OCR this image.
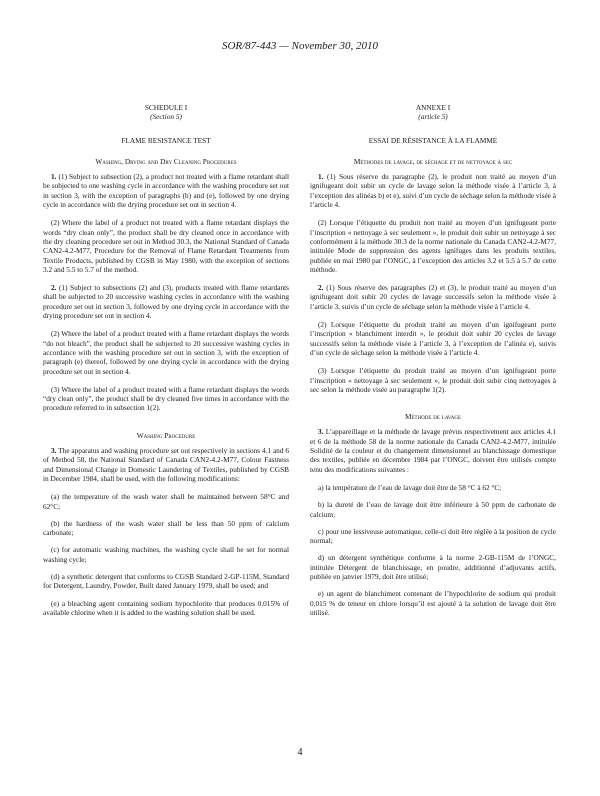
SOR/87-443 — November 30, 2010
SCHEDULE I
(Section 5)
FLAME RESISTANCE TEST
Washing, Drying and Dry Cleaning Procedures

1. (1) Subject to subsection (2), a product not treated with a flame retardant shall be subjected to one washing cycle in accordance with the washing procedure set out in section 3, with the exception of paragraphs (b) and (e), followed by one drying cycle in accordance with the drying procedure set out in section 4.

(2) Where the label of a product not treated with a flame retardant displays the words “dry clean only”, the product shall be dry cleaned once in accordance with the dry cleaning procedure set out in Method 30.3, the National Standard of Canada CAN2-4.2-M77, Procedure for the Removal of Flame Retardant Treatments from Textile Products, published by CGSB in May 1980, with the exception of sections 3.2 and 5.5 to 5.7 of the method.

2. (1) Subject to subsections (2) and (3), products treated with flame retardants shall be subjected to 20 successive washing cycles in accordance with the washing procedure set out in section 3, followed by one drying cycle in accordance with the drying procedure set out in section 4.

(2) Where the label of a product treated with a flame retardant displays the words “do not bleach”, the product shall be subjected to 20 successive washing cycles in accordance with the washing procedure set out in section 3, with the exception of paragraph (e) thereof, followed by one drying cycle in accordance with the drying procedure set out in section 4.

(3) Where the label of a product treated with a flame retardant displays the words “dry clean only”, the product shall be dry cleaned five times in accordance with the procedure referred to in subsection 1(2).

Washing Procedure

3. The apparatus and washing procedure set out respectively in sections 4.1 and 6 of Method 58, the National Standard of Canada CAN2-4.2-M77, Colour Fastness and Dimensional Change in Domestic Laundering of Textiles, published by CGSB in December 1984, shall be used, with the following modifications:

(a) the temperature of the wash water shall be maintained between 58°C and 62°C;

(b) the hardness of the wash water shall be less than 50 ppm of calcium carbonate;

(c) for automatic washing machines, the washing cycle shall be set for normal washing cycle;

(d) a synthetic detergent that conforms to CGSB Standard 2-GP-115M, Standard for Detergent, Laundry, Powder, Built dated January 1979, shall be used; and

(e) a bleaching agent containing sodium hypochlorite that produces 0.015% of available chlorine when it is added to the washing solution shall be used.

ANNEXE I
(article 5)
ESSAI DE RÉSISTANCE À LA FLAMME
Méthodes de lavage, de séchage et de nettoyage à sec

1. (1) Sous réserve du paragraphe (2), le produit non traité au moyen d’un ignifugeant doit subir un cycle de lavage selon la méthode visée à l’article 3, à l’exception des alinéas b) et e), suivi d’un cycle de séchage selon la méthode visée à l’article 4.

(2) Lorsque l’étiquette du produit non traité au moyen d’un ignifugeant porte l’inscription « nettoyage à sec seulement », le produit doit subir un nettoyage à sec conformément à la méthode 30.3 de la norme nationale du Canada CAN2-4.2-M77, intitulée Mode de suppression des agents ignifuges dans les produits textiles, publiée en mai 1980 par l’ONGC, à l’exception des articles 3.2 et 5.5 à 5.7 de cette méthode.

2. (1) Sous réserve des paragraphes (2) et (3), le produit traité au moyen d’un ignifugeant doit subir 20 cycles de lavage successifs selon la méthode visée à l’article 3, suivis d’un cycle de séchage selon la méthode visée à l’article 4.

(2) Lorsque l’étiquette du produit traité au moyen d’un ignifugeant porte l’inscription « blanchiment interdit », le produit doit subir 20 cycles de lavage successifs selon la méthode visée à l’article 3, à l’exception de l’alinéa e), suivis d’un cycle de séchage selon la méthode visée à l’article 4.

(3) Lorsque l’étiquette du produit traité au moyen d’un ignifugeant porte l’inscription « nettoyage à sec seulement », le produit doit subir cinq nettoyages à sec selon la méthode visée au paragraphe 1(2).

Méthode de lavage

3. L’appareillage et la méthode de lavage prévus respectivement aux articles 4.1 et 6 de la méthode 58 de la norme nationale du Canada CAN2-4.2-M77, intitulée Solidité de la couleur et du changement dimensionnel au blanchissage domestique des textiles, publiée en décembre 1984 par l’ONGC, doivent être utilisés compte tenu des modifications suivantes :

a) la température de l’eau de lavage doit être de 58 °C à 62 °C;

b) la dureté de l’eau de lavage doit être inférieure à 50 ppm de carbonate de calcium;

c) pour une lessiveuse automatique, celle-ci doit être réglée à la position de cycle normal;

d) un détergent synthétique conforme à la norme 2-GB-115M de l’ONGC, intitulée Détergent de blanchissage, en poudre, additionné d’adjuvants actifs, publiée en janvier 1979, doit être utilisé;

e) un agent de blanchiment contenant de l’hypochlorite de sodium qui produit 0,015 % de teneur en chlore lorsqu’il est ajouté à la solution de lavage doit être utilisé.

4
